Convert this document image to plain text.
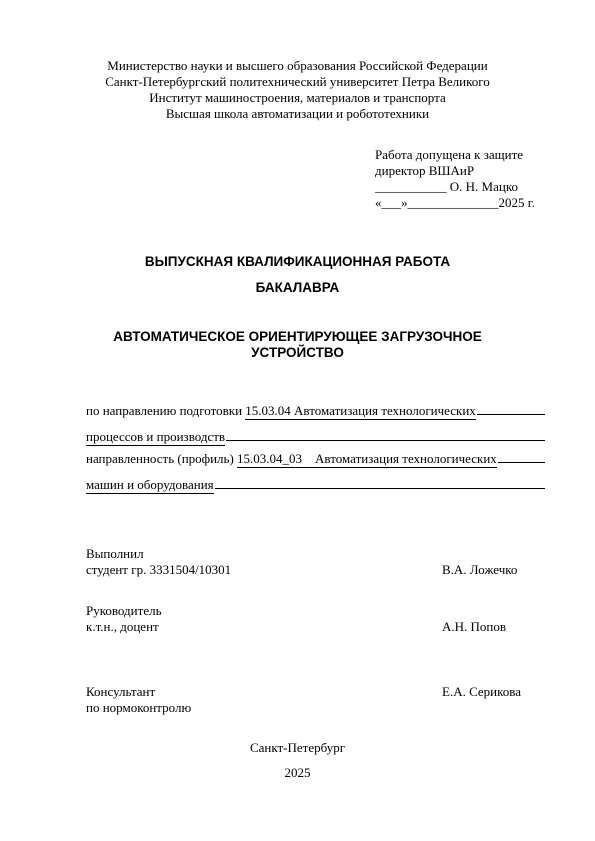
Министерство науки и высшего образования Российской Федерации
Санкт-Петербургский политехнический университет Петра Великого
Институт машиностроения, материалов и транспорта
Высшая школа автоматизации и робототехники
Работа допущена к защите
директор ВШАиР
___________ О. Н. Мацко
«___»______________2025 г.
ВЫПУСКНАЯ КВАЛИФИКАЦИОННАЯ РАБОТА
БАКАЛАВРА
АВТОМАТИЧЕСКОЕ ОРИЕНТИРУЮЩЕЕ ЗАГРУЗОЧНОЕ
УСТРОЙСТВО
по направлению подготовки
15.03.04 Автоматизация технологических
процессов и производств
направленность (профиль)
15.03.04_03    Автоматизация технологических
машин и оборудования
Выполнил
студент гр. 3331504/10301	В.А. Ложечко
Руководитель
к.т.н., доцент	А.Н. Попов
Консультант	Е.А. Серикова
по нормоконтролю
Санкт-Петербург
2025
